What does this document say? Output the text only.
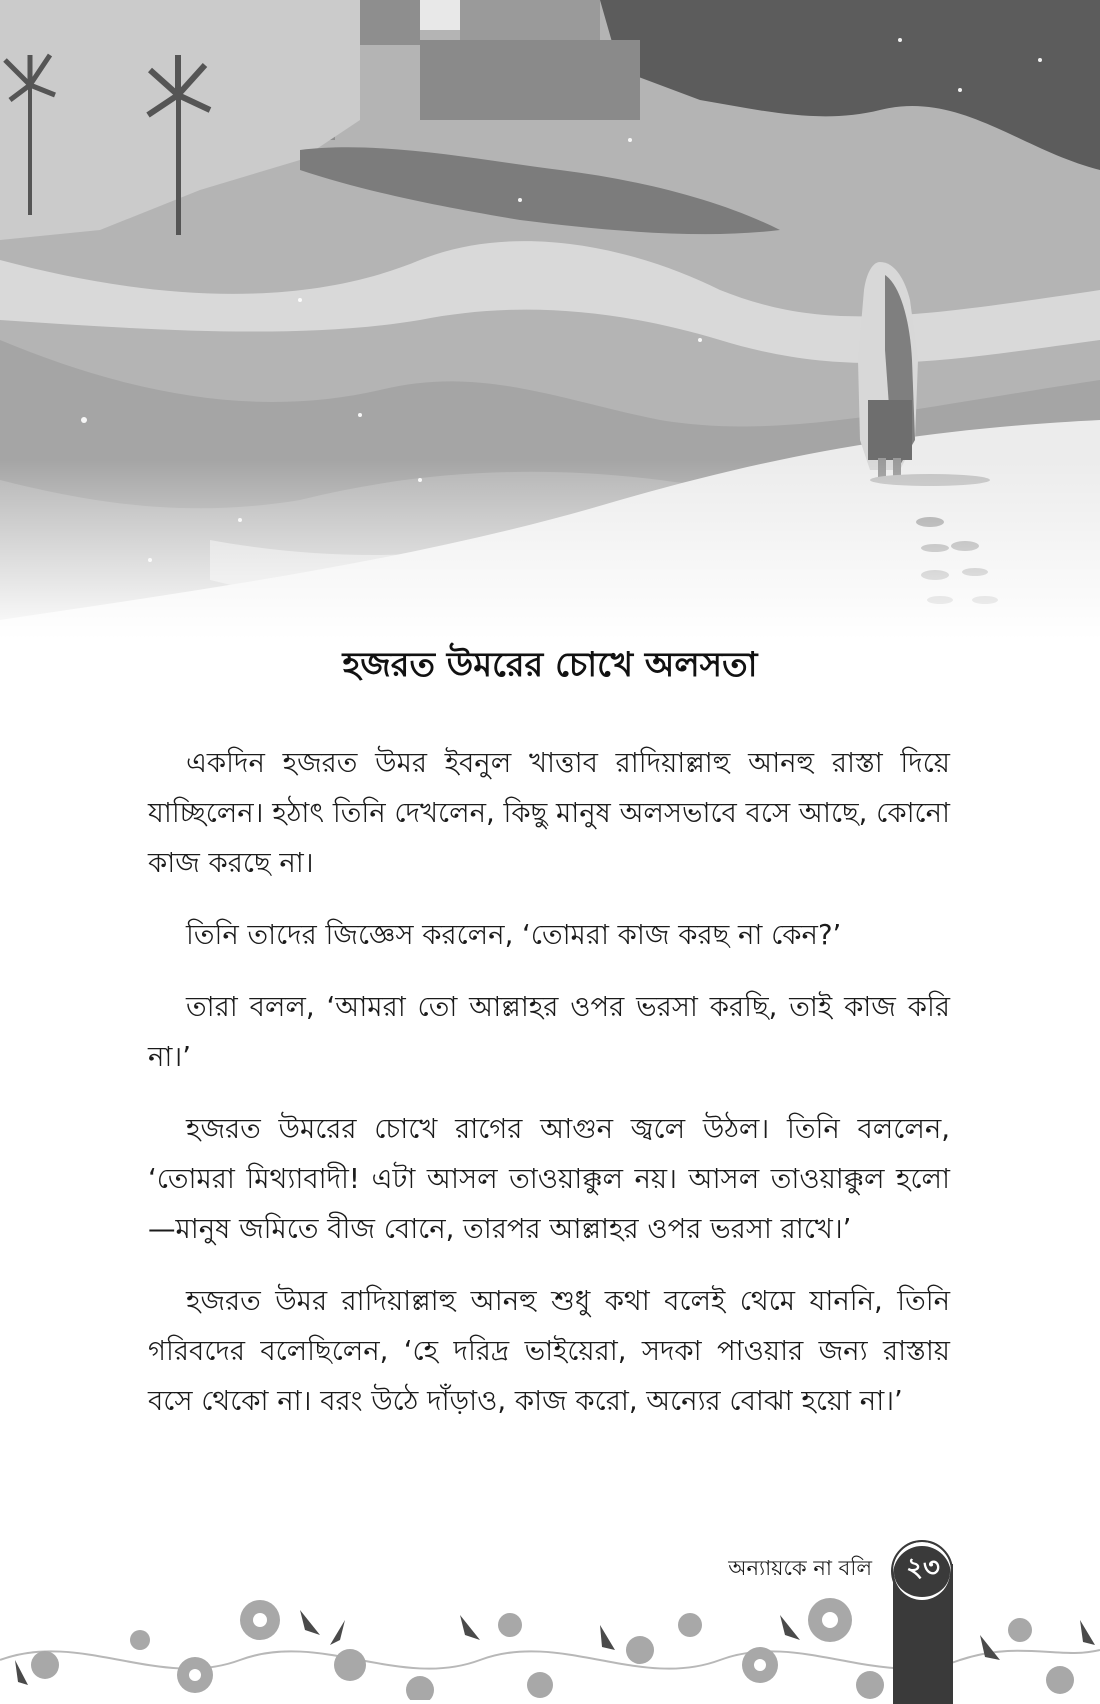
হজরত উমরের চোখে অলসতা

একদিন হজরত উমর ইবনুল খাত্তাব রাদিয়াল্লাহু আনহু রাস্তা দিয়ে যাচ্ছিলেন। হঠাৎ তিনি দেখলেন, কিছু মানুষ অলসভাবে বসে আছে, কোনো কাজ করছে না।

তিনি তাদের জিজ্ঞেস করলেন, ‘তোমরা কাজ করছ না কেন?’

তারা বলল, ‘আমরা তো আল্লাহর ওপর ভরসা করছি, তাই কাজ করি না।’

হজরত উমরের চোখে রাগের আগুন জ্বলে উঠল। তিনি বললেন, ‘তোমরা মিথ্যাবাদী! এটা আসল তাওয়াক্কুল নয়। আসল তাওয়াক্কুল হলো—মানুষ জমিতে বীজ বোনে, তারপর আল্লাহর ওপর ভরসা রাখে।’

হজরত উমর রাদিয়াল্লাহু আনহু শুধু কথা বলেই থেমে যাননি, তিনি গরিবদের বলেছিলেন, ‘হে দরিদ্র ভাইয়েরা, সদকা পাওয়ার জন্য রাস্তায় বসে থেকো না। বরং উঠে দাঁড়াও, কাজ করো, অন্যের বোঝা হয়ো না।’

অন্যায়কে না বলি	২৩
